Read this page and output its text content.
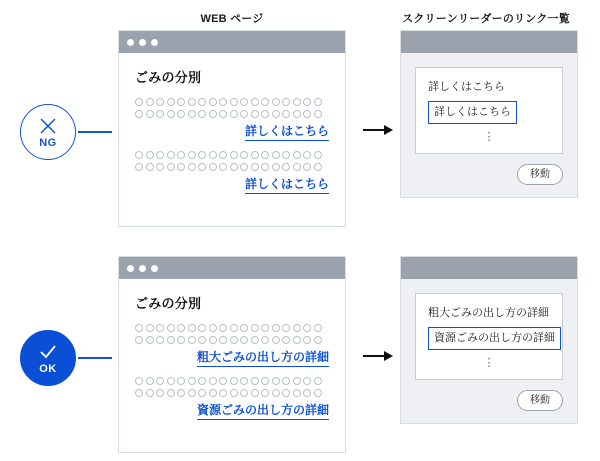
WEB ページ	スクリーンリーダーのリンク一覧
NG
ごみの分別
詳しくはこちら
詳しくはこちら
詳しくはこちら
詳しくはこちら
⋮
移動
OK
ごみの分別
粗大ごみの出し方の詳細
資源ごみの出し方の詳細
粗大ごみの出し方の詳細
資源ごみの出し方の詳細
⋮
移動
